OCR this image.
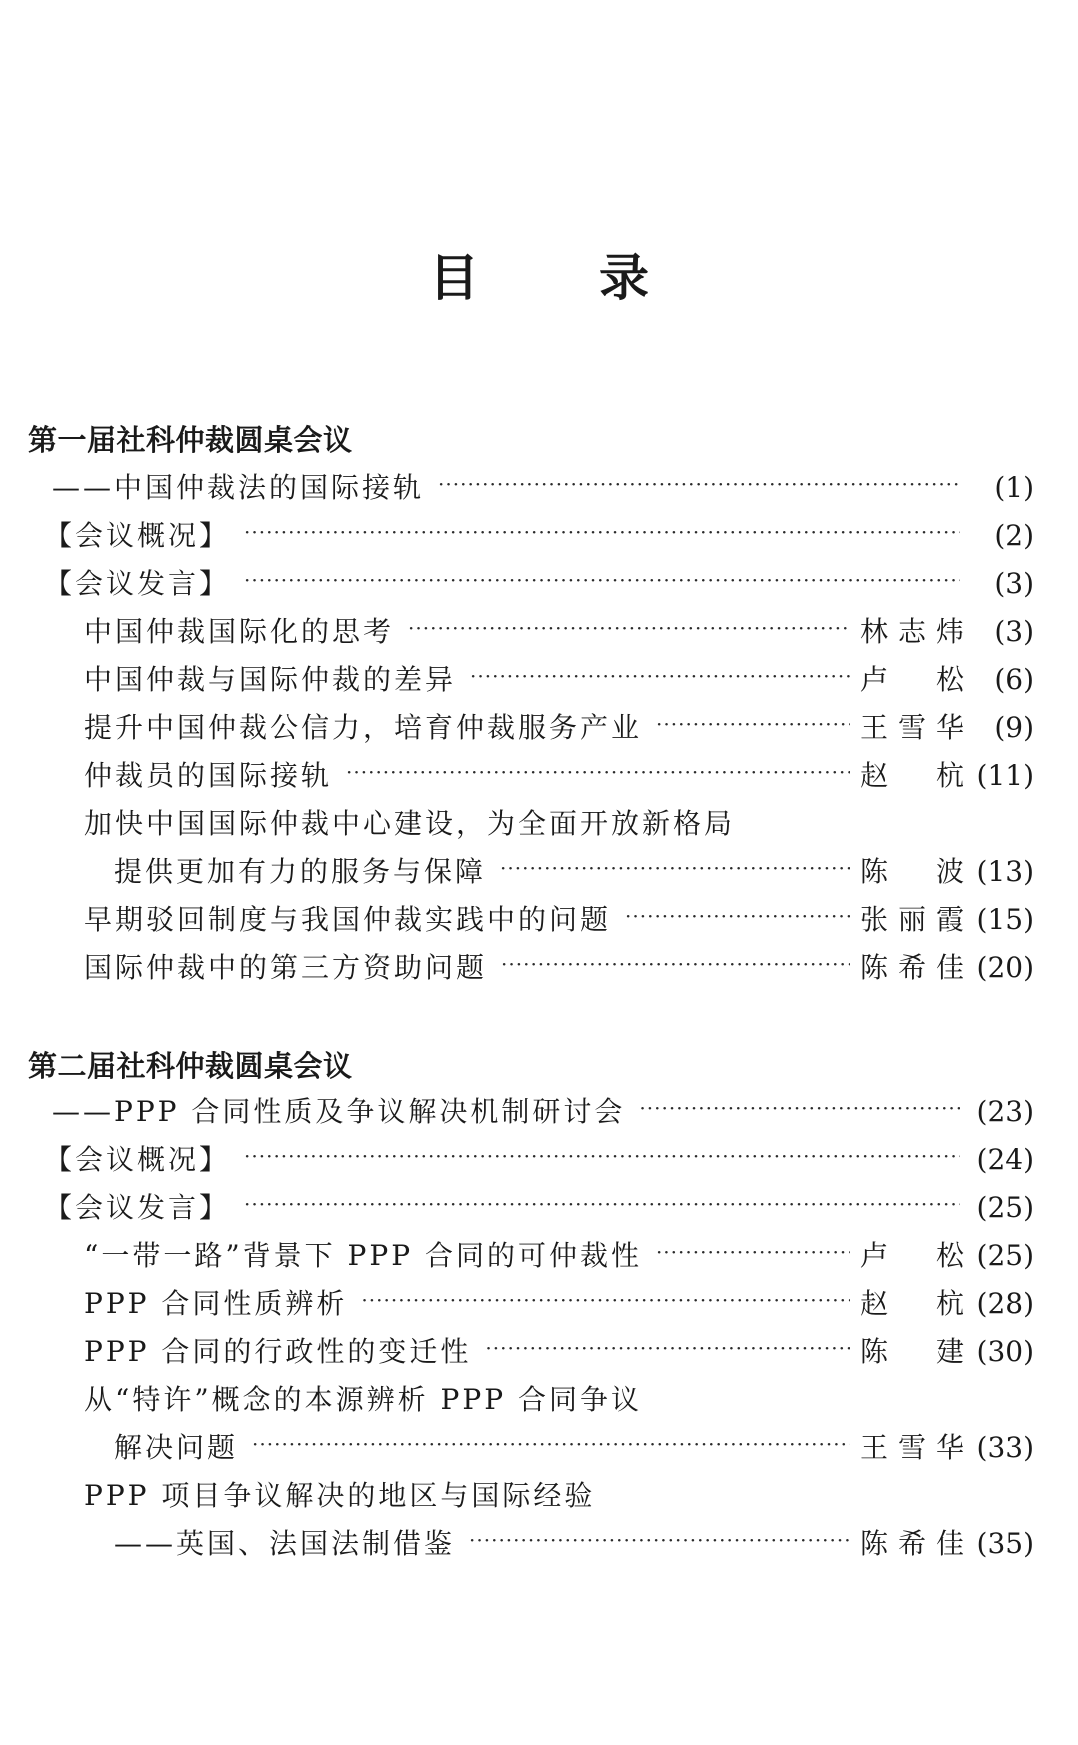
目 录
第一届社科仲裁圆桌会议
——中国仲裁法的国际接轨 ·····	(1)
【会议概况】 ·····	(2)
【会议发言】 ·····	(3)
中国仲裁国际化的思考 ·····	林志炜	(3)
中国仲裁与国际仲裁的差异 ·····	卢 松	(6)
提升中国仲裁公信力，培育仲裁服务产业 ·····	王雪华	(9)
仲裁员的国际接轨 ·····	赵 杭 (11)
加快中国国际仲裁中心建设，为全面开放新格局
提供更加有力的服务与保障 ·····	陈 波 (13)
早期驳回制度与我国仲裁实践中的问题 ·····	张丽霞 (15)
国际仲裁中的第三方资助问题 ·····	陈希佳 (20)
第二届社科仲裁圆桌会议
——PPP 合同性质及争议解决机制研讨会 ·····	(23)
【会议概况】 ·····	(24)
【会议发言】 ·····	(25)
“一带一路”背景下 PPP 合同的可仲裁性 ·····	卢 松 (25)
PPP 合同性质辨析 ·····	赵 杭 (28)
PPP 合同的行政性的变迁性 ·····	陈 建 (30)
从“特许”概念的本源辨析 PPP 合同争议
解决问题 ·····	王雪华 (33)
PPP 项目争议解决的地区与国际经验
——英国、法国法制借鉴 ·····	陈希佳 (35)
